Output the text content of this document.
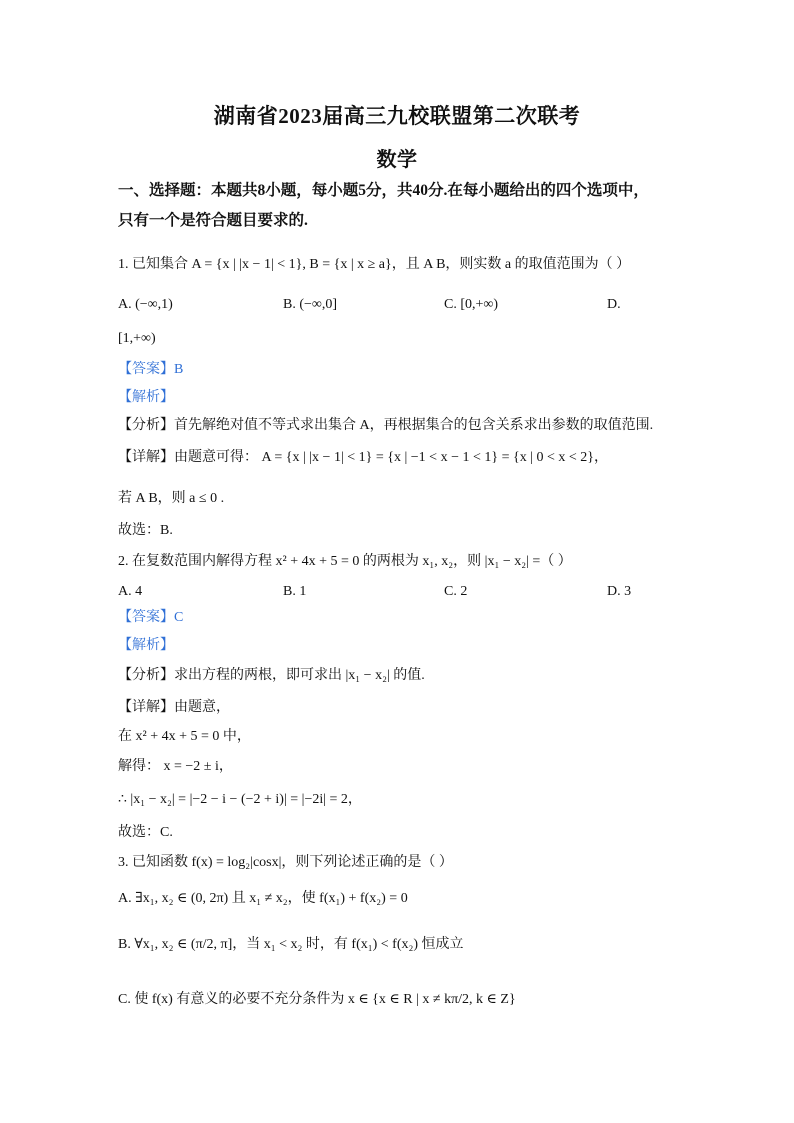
湖南省2023届高三九校联盟第二次联考
数学
一、选择题：本题共8小题，每小题5分，共40分.在每小题给出的四个选项中，
只有一个是符合题目要求的.
1. 已知集合 A = {x | |x − 1| < 1}, B = {x | x ≥ a}，且 A B，则实数 a 的取值范围为（ ）
A. (−∞,1)	B. (−∞,0]	C. [0,+∞)	D.
[1,+∞)
【答案】B
【解析】
【分析】首先解绝对值不等式求出集合 A，再根据集合的包含关系求出参数的取值范围.
【详解】由题意可得： A = {x | |x − 1| < 1} = {x | −1 < x − 1 < 1} = {x | 0 < x < 2}，
若 A B，则 a ≤ 0 .
故选：B.
2. 在复数范围内解得方程 x² + 4x + 5 = 0 的两根为 x₁, x₂，则 |x₁ − x₂| =（ ）
A. 4	B. 1	C. 2	D. 3
【答案】C
【解析】
【分析】求出方程的两根，即可求出 |x₁ − x₂| 的值.
【详解】由题意，
在 x² + 4x + 5 = 0 中，
解得： x = −2 ± i，
∴ |x₁ − x₂| = |−2 − i − (−2 + i)| = |−2i| = 2，
故选：C.
3. 已知函数 f(x) = log₂|cosx|，则下列论述正确的是（ ）
A. ∃x₁, x₂ ∈ (0, 2π) 且 x₁ ≠ x₂，使 f(x₁) + f(x₂) = 0
B. ∀x₁, x₂ ∈ (π/2, π]，当 x₁ < x₂ 时，有 f(x₁) < f(x₂) 恒成立
C. 使 f(x) 有意义的必要不充分条件为 x ∈ {x ∈ R | x ≠ kπ/2, k ∈ Z}
